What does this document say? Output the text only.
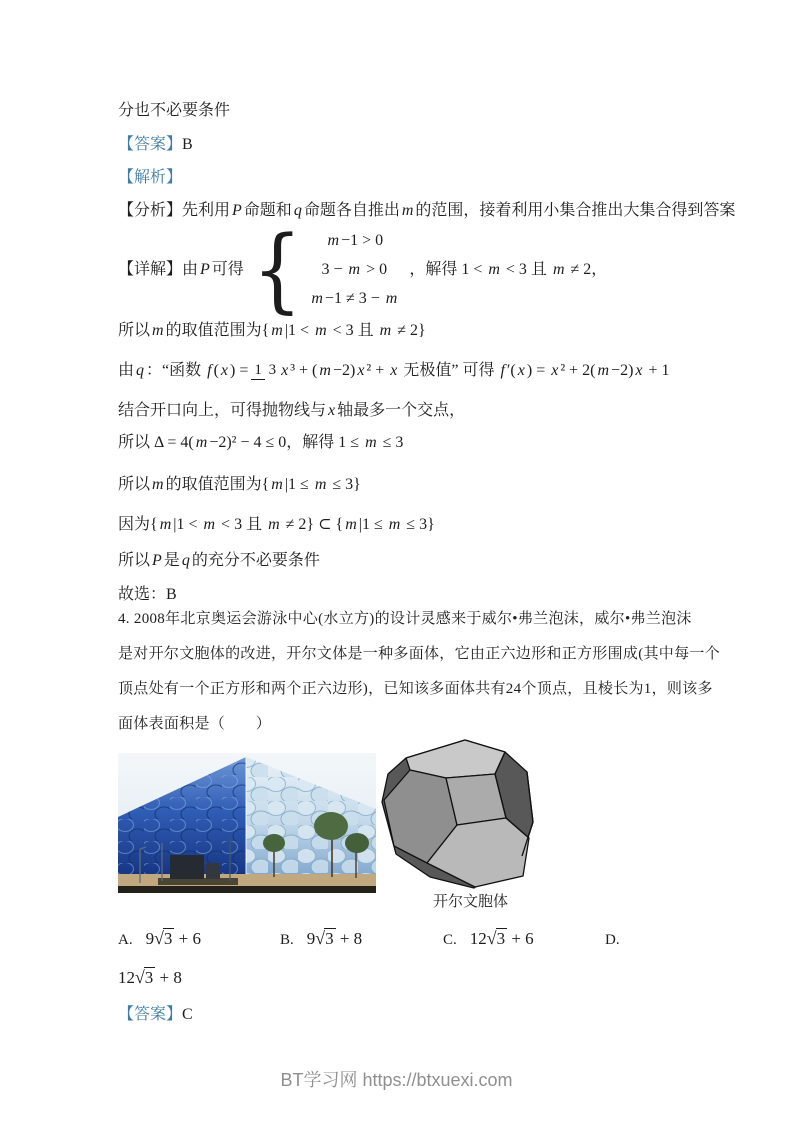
分也不必要条件
【答案】B
【解析】
【分析】先利用 P 命题和 q 命题各自推出 m 的范围，接着利用小集合推出大集合得到答案
【详解】由 P 可得 { m −1 > 0
3 − m > 0
m −1 ≠ 3 − m
，解得 1 < m < 3 且 m ≠ 2，
所以 m 的取值范围为{ m |1 < m < 3 且 m ≠ 2}
由 q ：“函数 f ( x ) = 1 3 x ³ + ( m −2) x ² + x 无极值” 可得 f ′( x ) = x ² + 2( m −2) x + 1
结合开口向上，可得抛物线与 x 轴最多一个交点，
所以 Δ = 4( m −2)² − 4 ≤ 0，解得 1 ≤ m ≤ 3
所以 m 的取值范围为{ m |1 ≤ m ≤ 3}
因为{ m |1 < m < 3 且 m ≠ 2} ⊂ { m |1 ≤ m ≤ 3}
所以 P 是 q 的充分不必要条件
故选：B
4. 2008年北京奥运会游泳中心(水立方)的设计灵感来于威尔•弗兰泡沫，威尔•弗兰泡沫
是对开尔文胞体的改进，开尔文体是一种多面体，它由正六边形和正方形围成(其中每一个
顶点处有一个正方形和两个正六边形)，已知该多面体共有24个顶点，且棱长为1，则该多
面体表面积是（　　）
开尔文胞体
A. 9√3 + 6	B. 9√3 + 8	C. 12√3 + 6	D.
12√3 + 8
【答案】C
BT学习网 https://btxuexi.com
